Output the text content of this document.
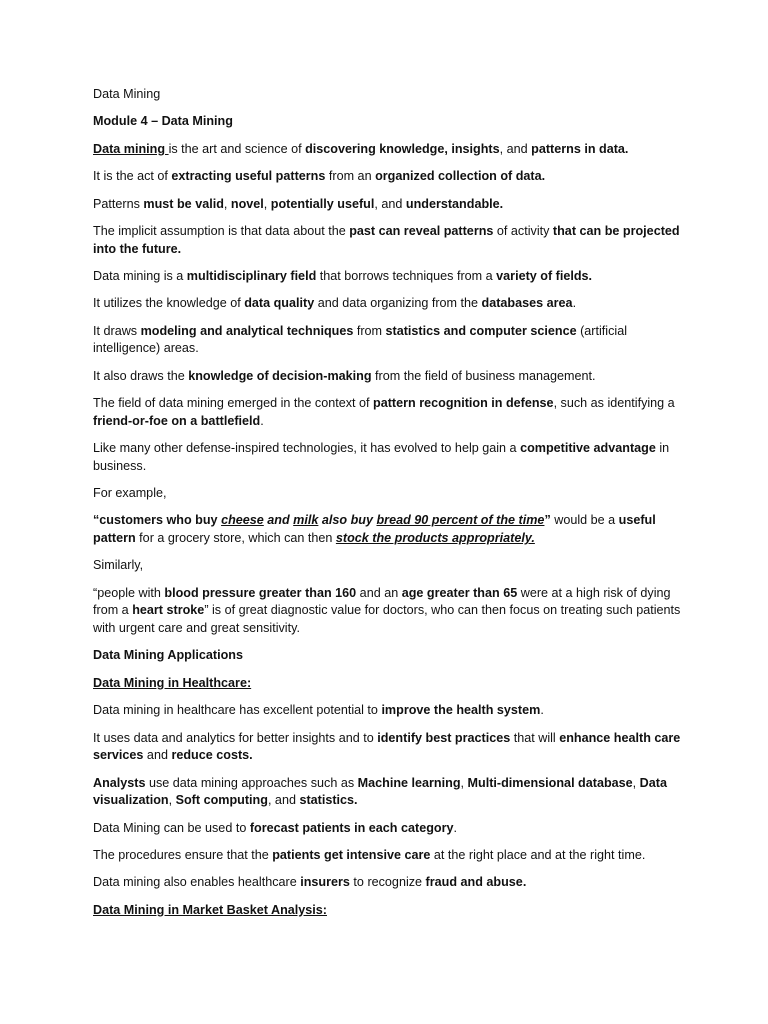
Data Mining

Module 4 – Data Mining

Data mining is the art and science of discovering knowledge, insights, and patterns in data.

It is the act of extracting useful patterns from an organized collection of data.

Patterns must be valid, novel, potentially useful, and understandable.

The implicit assumption is that data about the past can reveal patterns of activity that can be projected into the future.

Data mining is a multidisciplinary field that borrows techniques from a variety of fields.

It utilizes the knowledge of data quality and data organizing from the databases area.

It draws modeling and analytical techniques from statistics and computer science (artificial intelligence) areas.

It also draws the knowledge of decision-making from the field of business management.

The field of data mining emerged in the context of pattern recognition in defense, such as identifying a friend-or-foe on a battlefield.

Like many other defense-inspired technologies, it has evolved to help gain a competitive advantage in business.

For example,

“customers who buy cheese and milk also buy bread 90 percent of the time” would be a useful pattern for a grocery store, which can then stock the products appropriately.

Similarly,

“people with blood pressure greater than 160 and an age greater than 65 were at a high risk of dying from a heart stroke” is of great diagnostic value for doctors, who can then focus on treating such patients with urgent care and great sensitivity.

Data Mining Applications

Data Mining in Healthcare:

Data mining in healthcare has excellent potential to improve the health system.

It uses data and analytics for better insights and to identify best practices that will enhance health care services and reduce costs.

Analysts use data mining approaches such as Machine learning, Multi-dimensional database, Data visualization, Soft computing, and statistics.

Data Mining can be used to forecast patients in each category.

The procedures ensure that the patients get intensive care at the right place and at the right time.

Data mining also enables healthcare insurers to recognize fraud and abuse.

Data Mining in Market Basket Analysis:
